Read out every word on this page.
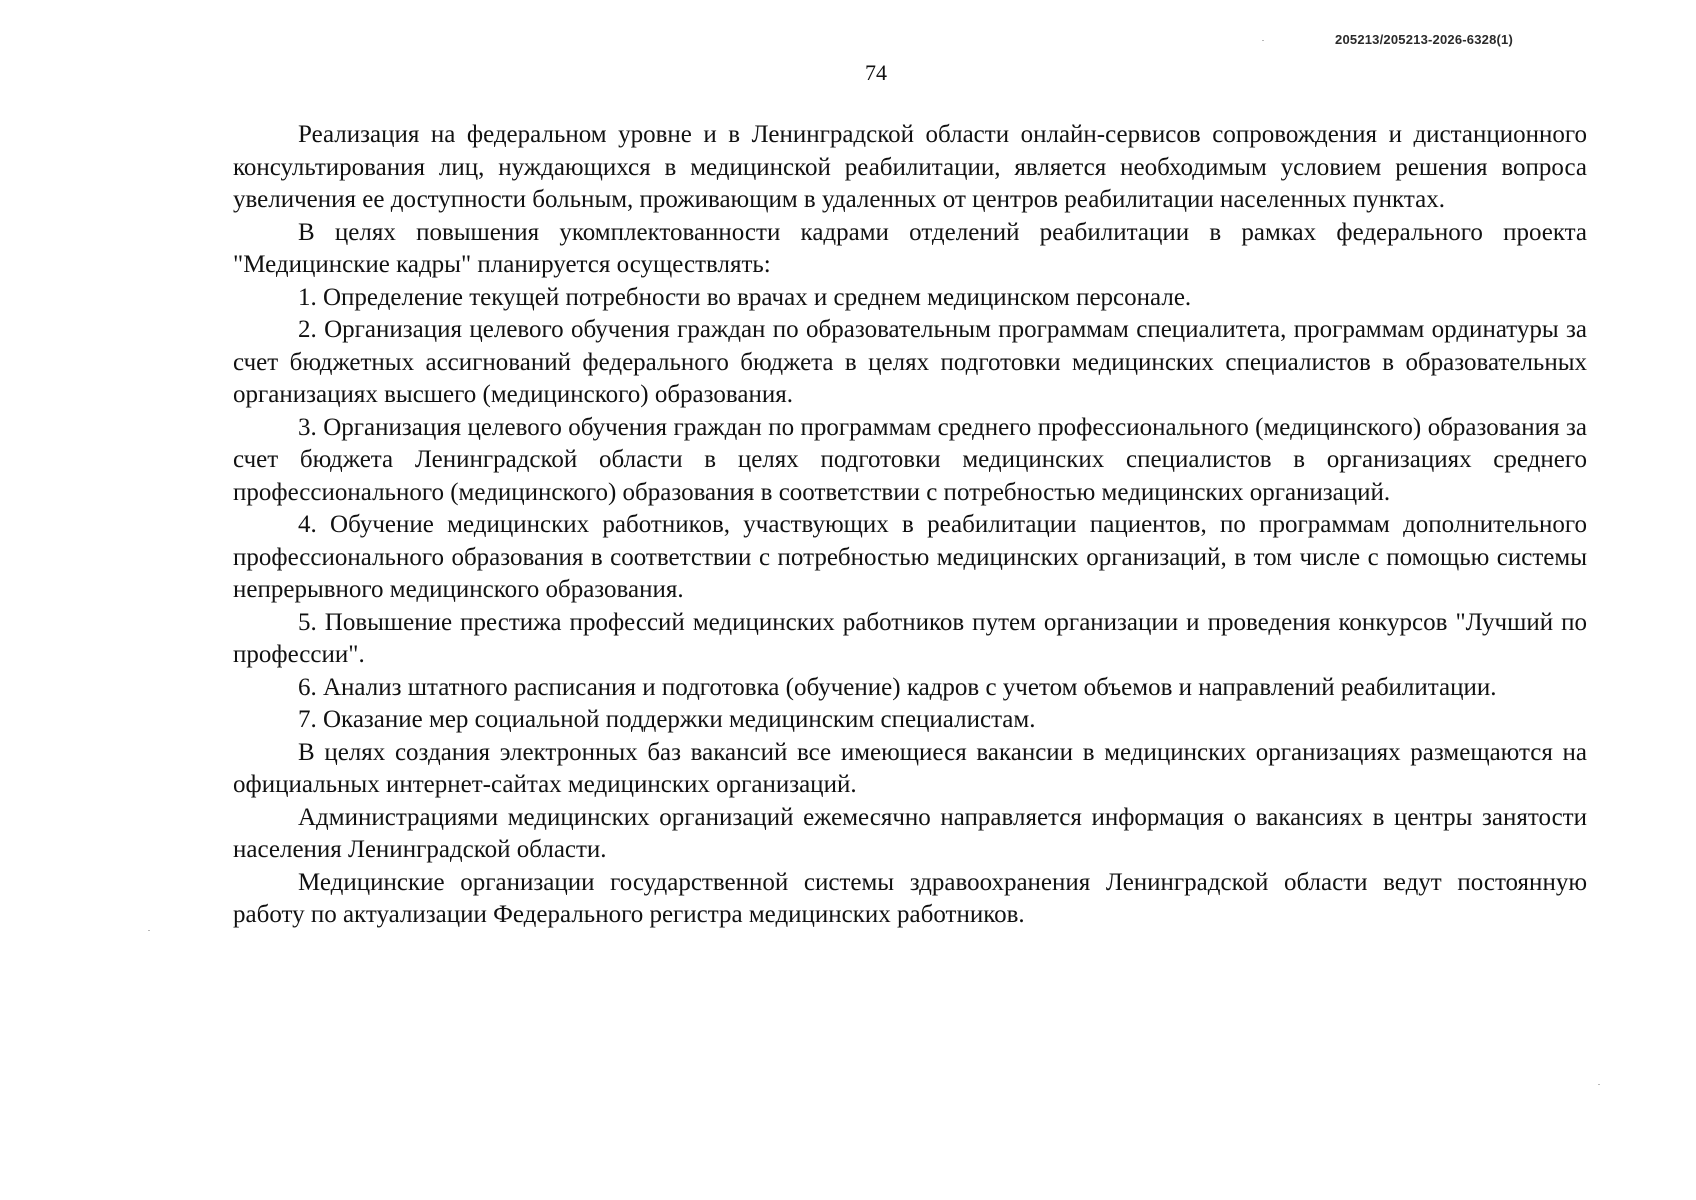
205213/205213-2026-6328(1)
74

Реализация на федеральном уровне и в Ленинградской области онлайн-сервисов сопровождения и дистанционного консультирования лиц, нуждающихся в медицинской реабилитации, является необходимым условием решения вопроса увеличения ее доступности больным, проживающим в удаленных от центров реабилитации населенных пунктах.

В целях повышения укомплектованности кадрами отделений реабилитации в рамках федерального проекта "Медицинские кадры" планируется осуществлять:

1. Определение текущей потребности во врачах и среднем медицинском персонале.

2. Организация целевого обучения граждан по образовательным программам специалитета, программам ординатуры за счет бюджетных ассигнований федерального бюджета в целях подготовки медицинских специалистов в образовательных организациях высшего (медицинского) образования.

3. Организация целевого обучения граждан по программам среднего профессионального (медицинского) образования за счет бюджета Ленинградской области в целях подготовки медицинских специалистов в организациях среднего профессионального (медицинского) образования в соответствии с потребностью медицинских организаций.

4. Обучение медицинских работников, участвующих в реабилитации пациентов, по программам дополнительного профессионального образования в соответствии с потребностью медицинских организаций, в том числе с помощью системы непрерывного медицинского образования.

5. Повышение престижа профессий медицинских работников путем организации и проведения конкурсов "Лучший по профессии".

6. Анализ штатного расписания и подготовка (обучение) кадров с учетом объемов и направлений реабилитации.

7. Оказание мер социальной поддержки медицинским специалистам.

В целях создания электронных баз вакансий все имеющиеся вакансии в медицинских организациях размещаются на официальных интернет-сайтах медицинских организаций.

Администрациями медицинских организаций ежемесячно направляется информация о вакансиях в центры занятости населения Ленинградской области.

Медицинские организации государственной системы здравоохранения Ленинградской области ведут постоянную работу по актуализации Федерального регистра медицинских работников.
